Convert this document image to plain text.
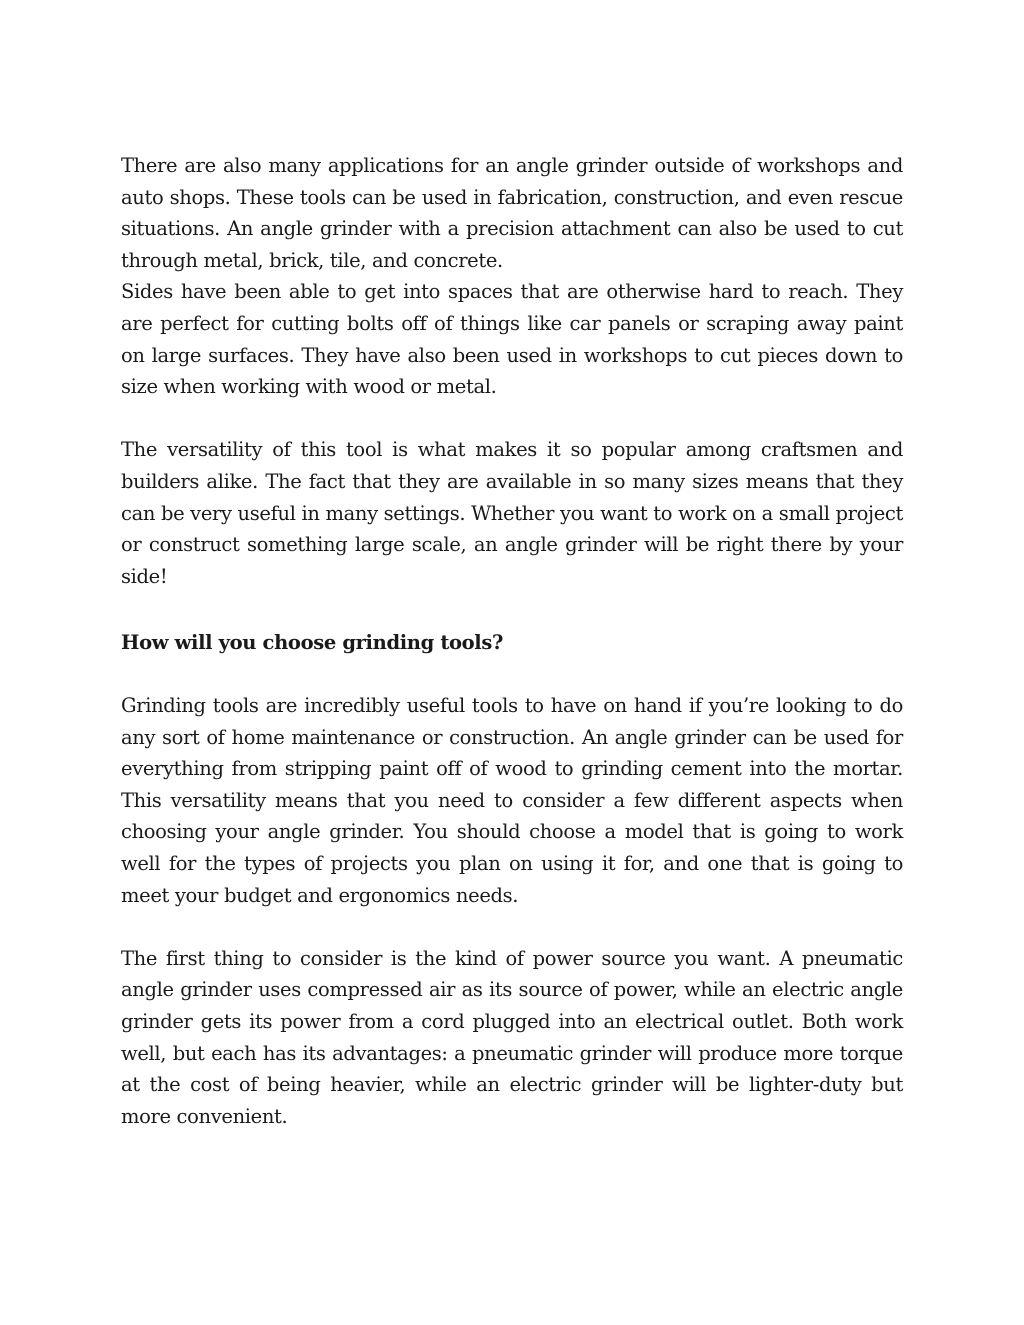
There are also many applications for an angle grinder outside of workshops and auto shops. These tools can be used in fabrication, construction, and even rescue situations. An angle grinder with a precision attachment can also be used to cut through metal, brick, tile, and concrete.

Sides have been able to get into spaces that are otherwise hard to reach. They are perfect for cutting bolts off of things like car panels or scraping away paint on large surfaces. They have also been used in workshops to cut pieces down to size when working with wood or metal.

The versatility of this tool is what makes it so popular among craftsmen and builders alike. The fact that they are available in so many sizes means that they can be very useful in many settings. Whether you want to work on a small project or construct something large scale, an angle grinder will be right there by your side!

How will you choose grinding tools?

Grinding tools are incredibly useful tools to have on hand if you’re looking to do any sort of home maintenance or construction. An angle grinder can be used for everything from stripping paint off of wood to grinding cement into the mortar. This versatility means that you need to consider a few different aspects when choosing your angle grinder. You should choose a model that is going to work well for the types of projects you plan on using it for, and one that is going to meet your budget and ergonomics needs.

The first thing to consider is the kind of power source you want. A pneumatic angle grinder uses compressed air as its source of power, while an electric angle grinder gets its power from a cord plugged into an electrical outlet. Both work well, but each has its advantages: a pneumatic grinder will produce more torque at the cost of being heavier, while an electric grinder will be lighter-duty but more convenient.
